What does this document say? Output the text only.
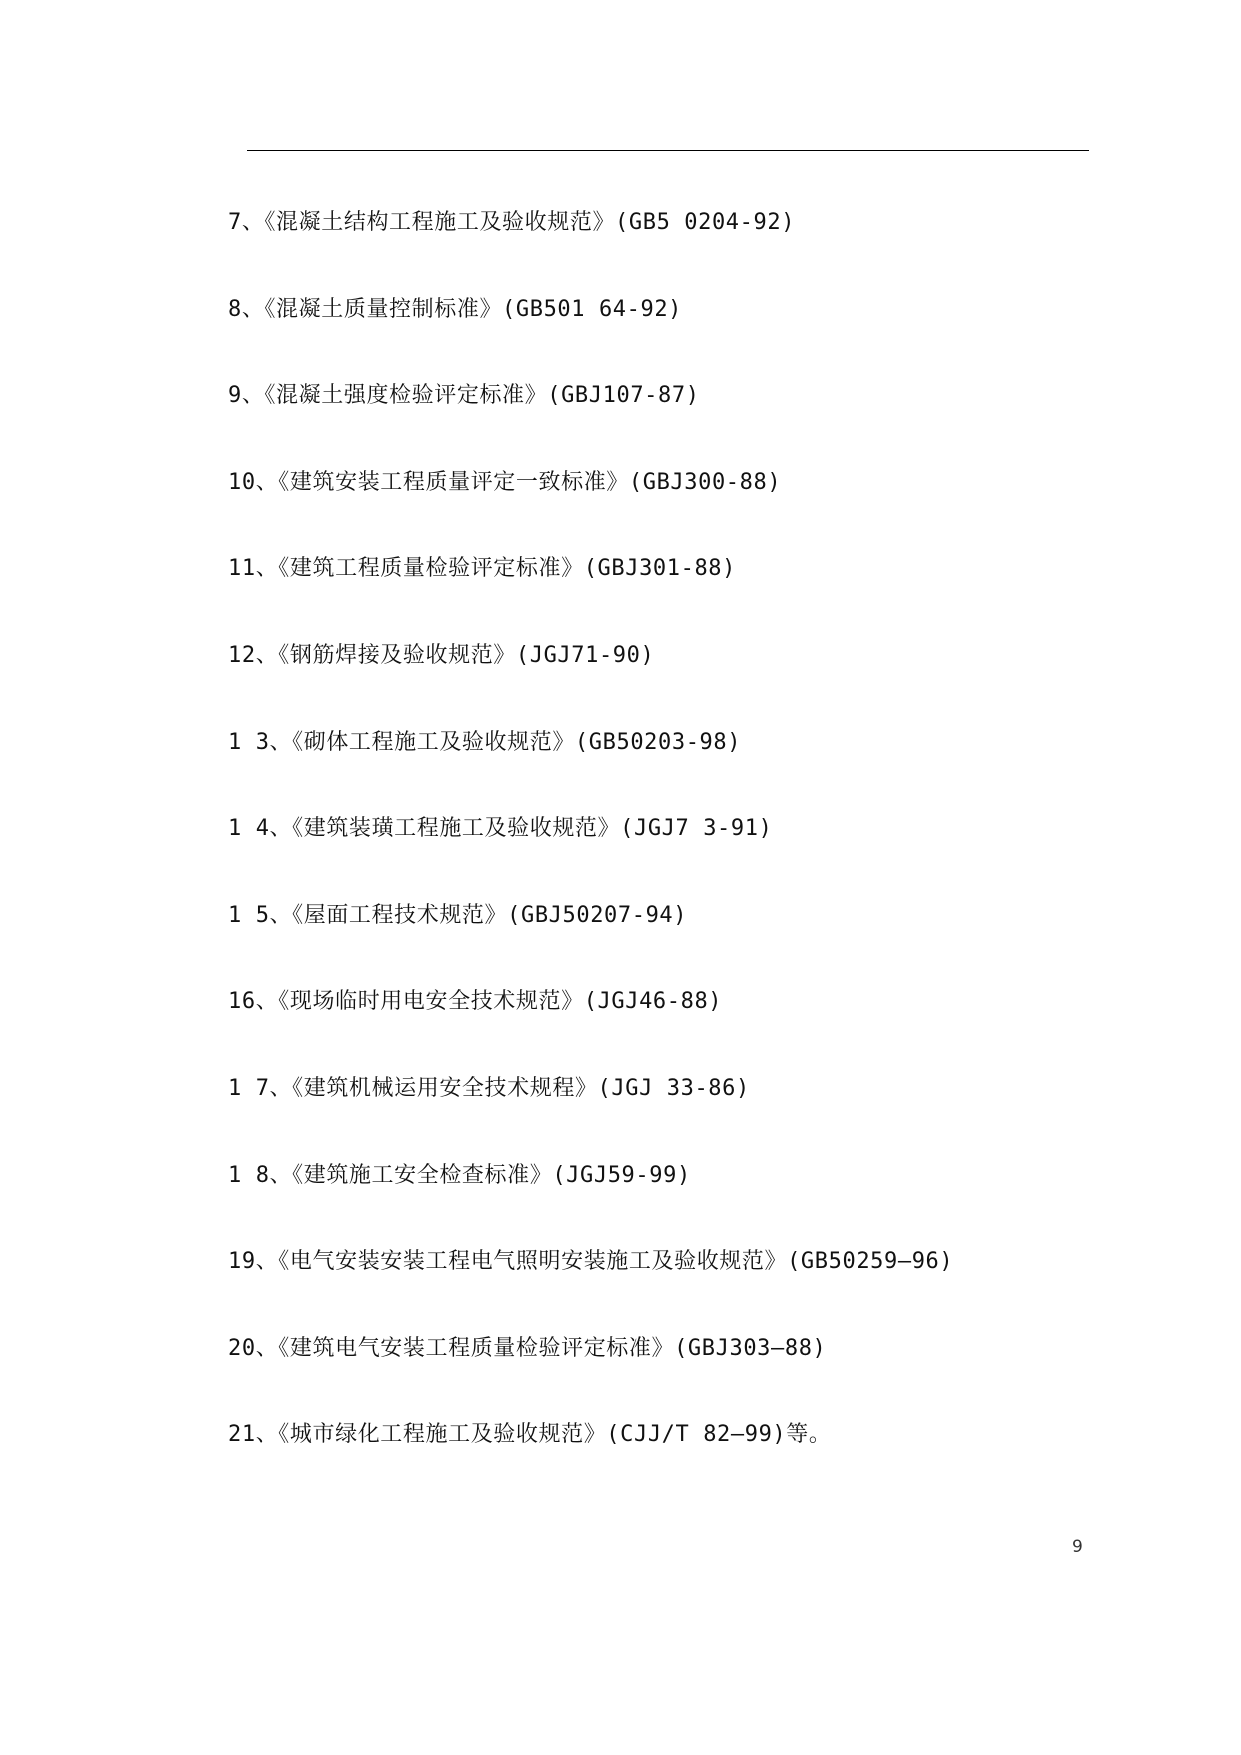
7、《混凝土结构工程施工及验收规范》(GB5 0204-92)
8、《混凝土质量控制标准》(GB501 64-92)
9、《混凝土强度检验评定标准》(GBJ107-87)
10、《建筑安装工程质量评定一致标准》(GBJ300-88)
11、《建筑工程质量检验评定标准》(GBJ301-88)
12、《钢筋焊接及验收规范》(JGJ71-90)
1 3、《砌体工程施工及验收规范》(GB50203-98)
1 4、《建筑装璜工程施工及验收规范》(JGJ7 3-91)
1 5、《屋面工程技术规范》(GBJ50207-94)
16、《现场临时用电安全技术规范》(JGJ46-88)
1 7、《建筑机械运用安全技术规程》(JGJ 33-86)
1 8、《建筑施工安全检查标准》(JGJ59-99)
19、《电气安装安装工程电气照明安装施工及验收规范》(GB50259—96)
20、《建筑电气安装工程质量检验评定标准》(GBJ303—88)
21、《城市绿化工程施工及验收规范》(CJJ/T 82—99)等。
9
